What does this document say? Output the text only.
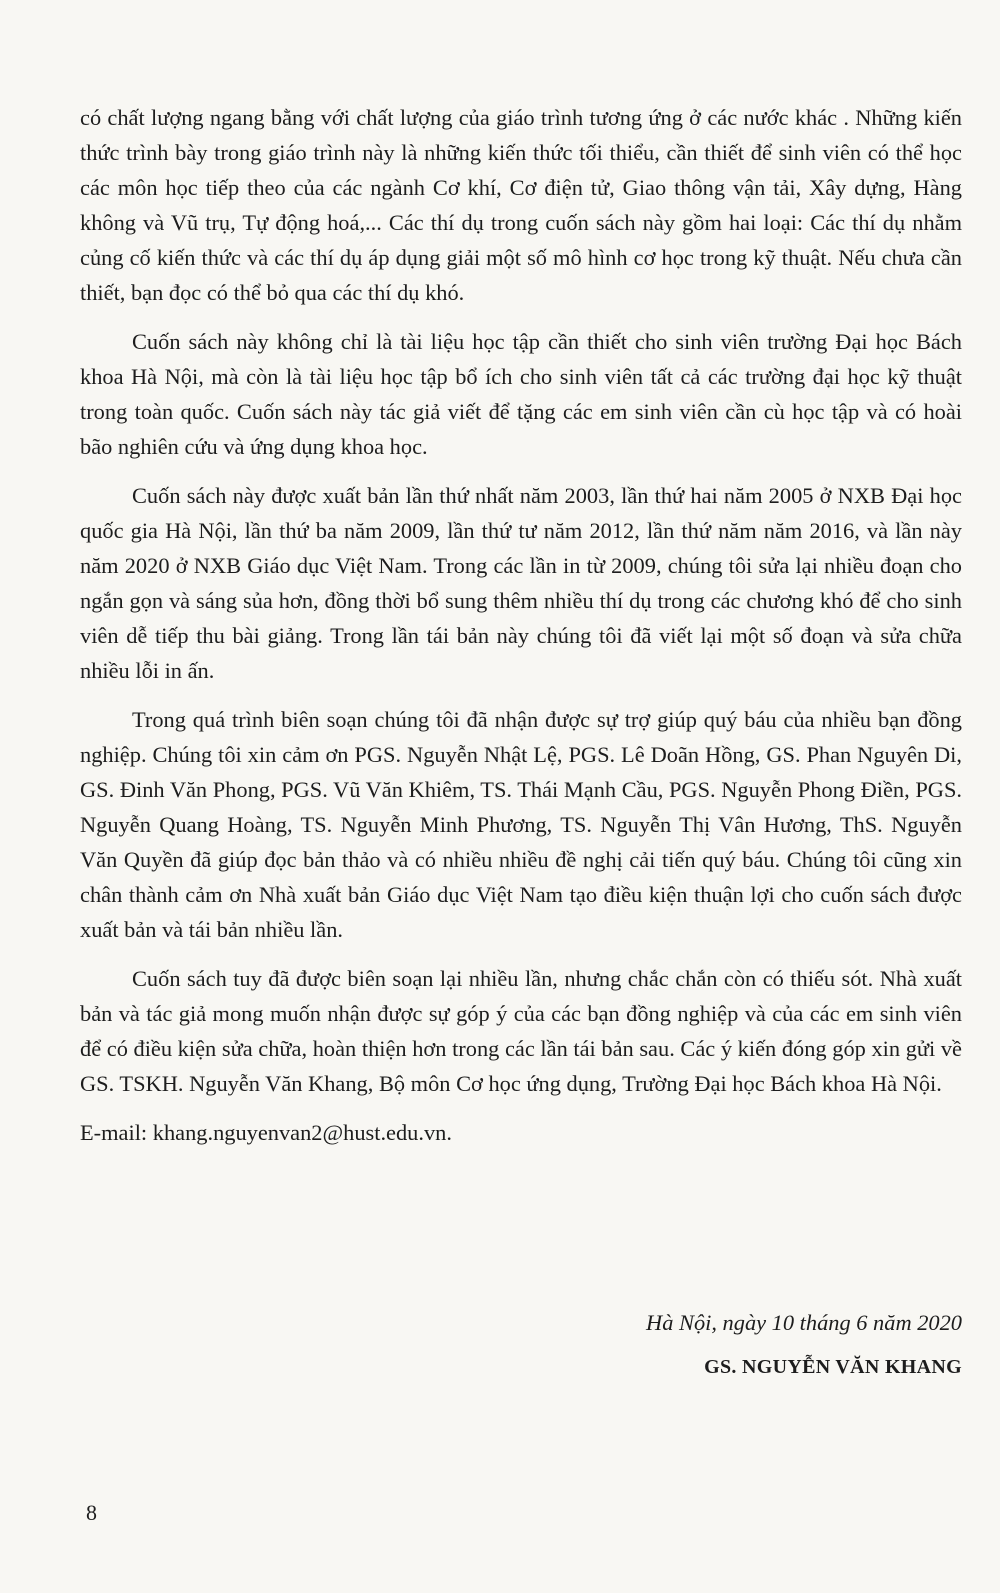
có chất lượng ngang bằng với chất lượng của giáo trình tương ứng ở các nước khác . Những kiến thức trình bày trong giáo trình này là những kiến thức tối thiểu, cần thiết để sinh viên có thể học các môn học tiếp theo của các ngành Cơ khí, Cơ điện tử, Giao thông vận tải, Xây dựng, Hàng không và Vũ trụ, Tự động hoá,... Các thí dụ trong cuốn sách này gồm hai loại: Các thí dụ nhằm củng cố kiến thức và các thí dụ áp dụng giải một số mô hình cơ học trong kỹ thuật. Nếu chưa cần thiết, bạn đọc có thể bỏ qua các thí dụ khó.

Cuốn sách này không chỉ là tài liệu học tập cần thiết cho sinh viên trường Đại học Bách khoa Hà Nội, mà còn là tài liệu học tập bổ ích cho sinh viên tất cả các trường đại học kỹ thuật trong toàn quốc. Cuốn sách này tác giả viết để tặng các em sinh viên cần cù học tập và có hoài bão nghiên cứu và ứng dụng khoa học.

Cuốn sách này được xuất bản lần thứ nhất năm 2003, lần thứ hai năm 2005 ở NXB Đại học quốc gia Hà Nội, lần thứ ba năm 2009, lần thứ tư năm 2012, lần thứ năm năm 2016, và lần này năm 2020 ở NXB Giáo dục Việt Nam. Trong các lần in từ 2009, chúng tôi sửa lại nhiều đoạn cho ngắn gọn và sáng sủa hơn, đồng thời bổ sung thêm nhiều thí dụ trong các chương khó để cho sinh viên dễ tiếp thu bài giảng. Trong lần tái bản này chúng tôi đã viết lại một số đoạn và sửa chữa nhiều lỗi in ấn.

Trong quá trình biên soạn chúng tôi đã nhận được sự trợ giúp quý báu của nhiều bạn đồng nghiệp. Chúng tôi xin cảm ơn PGS. Nguyễn Nhật Lệ, PGS. Lê Doãn Hồng, GS. Phan Nguyên Di, GS. Đinh Văn Phong, PGS. Vũ Văn Khiêm, TS. Thái Mạnh Cầu, PGS. Nguyễn Phong Điền, PGS. Nguyễn Quang Hoàng, TS. Nguyễn Minh Phương, TS. Nguyễn Thị Vân Hương, ThS. Nguyễn Văn Quyền đã giúp đọc bản thảo và có nhiều nhiều đề nghị cải tiến quý báu. Chúng tôi cũng xin chân thành cảm ơn Nhà xuất bản Giáo dục Việt Nam tạo điều kiện thuận lợi cho cuốn sách được xuất bản và tái bản nhiều lần.

Cuốn sách tuy đã được biên soạn lại nhiều lần, nhưng chắc chắn còn có thiếu sót. Nhà xuất bản và tác giả mong muốn nhận được sự góp ý của các bạn đồng nghiệp và của các em sinh viên để có điều kiện sửa chữa, hoàn thiện hơn trong các lần tái bản sau. Các ý kiến đóng góp xin gửi về GS. TSKH. Nguyễn Văn Khang, Bộ môn Cơ học ứng dụng, Trường Đại học Bách khoa Hà Nội.

E-mail: khang.nguyenvan2@hust.edu.vn.

Hà Nội, ngày 10 tháng 6 năm 2020
GS. NGUYỄN VĂN KHANG
8
